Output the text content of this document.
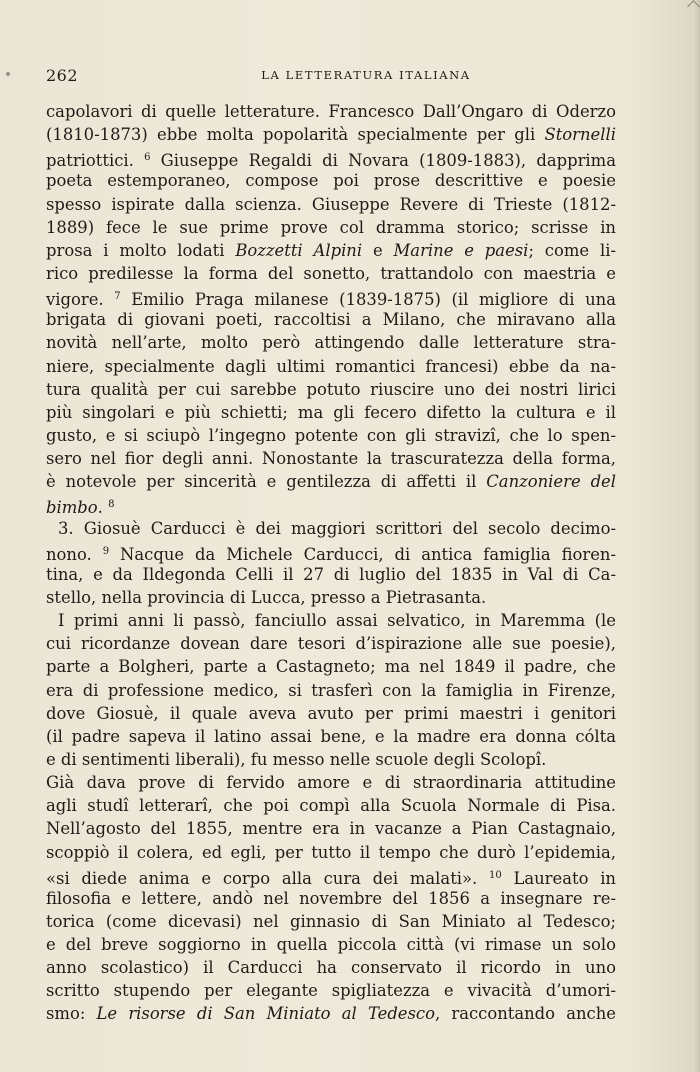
262	LA LETTERATURA ITALIANA
capolavori di quelle letterature. Francesco Dall’Ongaro di Oderzo
(1810-1873) ebbe molta popolarità specialmente per gli Stornelli
patriottici. $^6$ Giuseppe Regaldi di Novara (1809-1883), dapprima
poeta estemporaneo, compose poi prose descrittive e poesie
spesso ispirate dalla scienza. Giuseppe Revere di Trieste (1812-
1889) fece le sue prime prove col dramma storico; scrisse in
prosa i molto lodati Bozzetti Alpini e Marine e paesi; come li-
rico predilesse la forma del sonetto, trattandolo con maestria e
vigore. $^7$ Emilio Praga milanese (1839-1875) (il migliore di una
brigata di giovani poeti, raccoltisi a Milano, che miravano alla
novità nell’arte, molto però attingendo dalle letterature stra-
niere, specialmente dagli ultimi romantici francesi) ebbe da na-
tura qualità per cui sarebbe potuto riuscire uno dei nostri lirici
più singolari e più schietti; ma gli fecero difetto la cultura e il
gusto, e si sciupò l’ingegno potente con gli stravizî, che lo spen-
sero nel fior degli anni. Nonostante la trascuratezza della forma,
è notevole per sincerità e gentilezza di affetti il Canzoniere del
bimbo. $^8$
3. Giosuè Carducci è dei maggiori scrittori del secolo decimo-
nono. $^9$ Nacque da Michele Carducci, di antica famiglia fioren-
tina, e da Ildegonda Celli il 27 di luglio del 1835 in Val di Ca-
stello, nella provincia di Lucca, presso a Pietrasanta.
I primi anni li passò, fanciullo assai selvatico, in Maremma (le
cui ricordanze dovean dare tesori d’ispirazione alle sue poesie),
parte a Bolgheri, parte a Castagneto; ma nel 1849 il padre, che
era di professione medico, si trasferì con la famiglia in Firenze,
dove Giosuè, il quale aveva avuto per primi maestri i genitori
(il padre sapeva il latino assai bene, e la madre era donna cólta
e di sentimenti liberali), fu messo nelle scuole degli Scolopî.
Già dava prove di fervido amore e di straordinaria attitudine
agli studî letterarî, che poi compì alla Scuola Normale di Pisa.
Nell’agosto del 1855, mentre era in vacanze a Pian Castagnaio,
scoppiò il colera, ed egli, per tutto il tempo che durò l’epidemia,
«si diede anima e corpo alla cura dei malati». $^{10}$ Laureato in
filosofia e lettere, andò nel novembre del 1856 a insegnare re-
torica (come dicevasi) nel ginnasio di San Miniato al Tedesco;
e del breve soggiorno in quella piccola città (vi rimase un solo
anno scolastico) il Carducci ha conservato il ricordo in uno
scritto stupendo per elegante spigliatezza e vivacità d’umori-
smo: Le risorse di San Miniato al Tedesco, raccontando anche
